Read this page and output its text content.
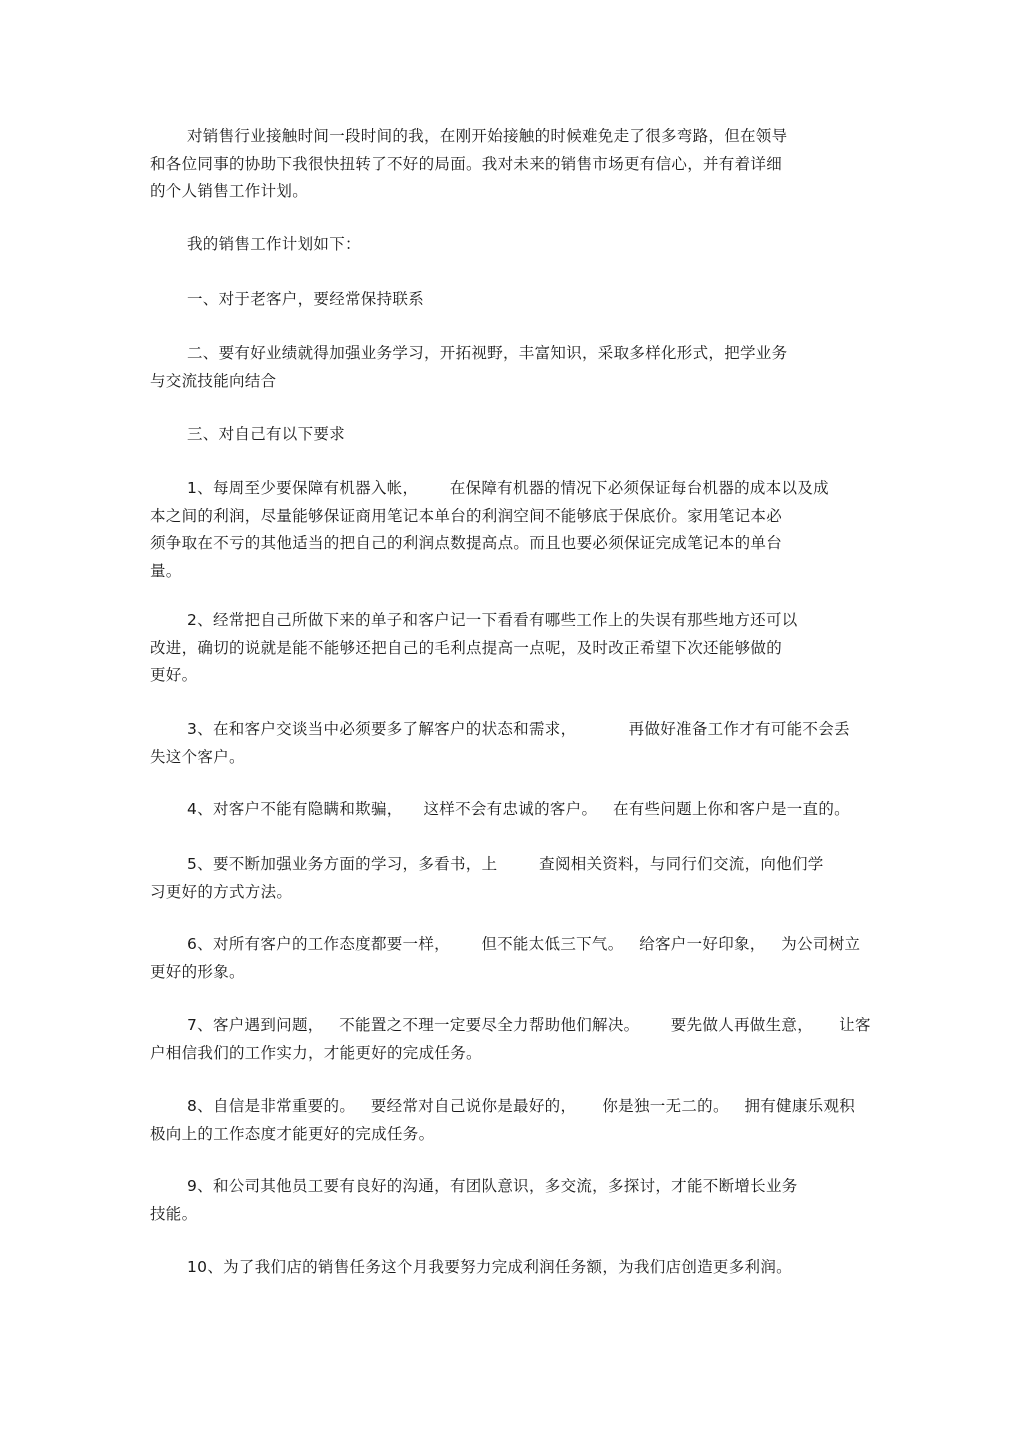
对销售行业接触时间一段时间的我，在刚开始接触的时候难免走了很多弯路，但在领导
和各位同事的协助下我很快扭转了不好的局面。我对未来的销售市场更有信心，并有着详细
的个人销售工作计划。

我的销售工作计划如下：

一、对于老客户，要经常保持联系

二、要有好业绩就得加强业务学习，开拓视野，丰富知识，采取多样化形式，把学业务
与交流技能向结合

三、对自己有以下要求

1、每周至少要保障有机器入帐，      在保障有机器的情况下必须保证每台机器的成本以及成
本之间的利润，尽量能够保证商用笔记本单台的利润空间不能够底于保底价。家用笔记本必
须争取在不亏的其他适当的把自己的利润点数提高点。而且也要必须保证完成笔记本的单台
量。

2、经常把自己所做下来的单子和客户记一下看看有哪些工作上的失误有那些地方还可以
改进，确切的说就是能不能够还把自己的毛利点提高一点呢，及时改正希望下次还能够做的
更好。

3、在和客户交谈当中必须要多了解客户的状态和需求，          再做好准备工作才有可能不会丢
失这个客户。

4、对客户不能有隐瞒和欺骗，    这样不会有忠诚的客户。   在有些问题上你和客户是一直的。

5、要不断加强业务方面的学习，多看书，上        查阅相关资料，与同行们交流，向他们学
习更好的方式方法。

6、对所有客户的工作态度都要一样，      但不能太低三下气。   给客户一好印象，   为公司树立
更好的形象。

7、客户遇到问题，   不能置之不理一定要尽全力帮助他们解决。      要先做人再做生意，     让客
户相信我们的工作实力，才能更好的完成任务。

8、自信是非常重要的。   要经常对自己说你是最好的，     你是独一无二的。   拥有健康乐观积
极向上的工作态度才能更好的完成任务。

9、和公司其他员工要有良好的沟通，有团队意识，多交流，多探讨，才能不断增长业务
技能。

10、为了我们店的销售任务这个月我要努力完成利润任务额，为我们店创造更多利润。
